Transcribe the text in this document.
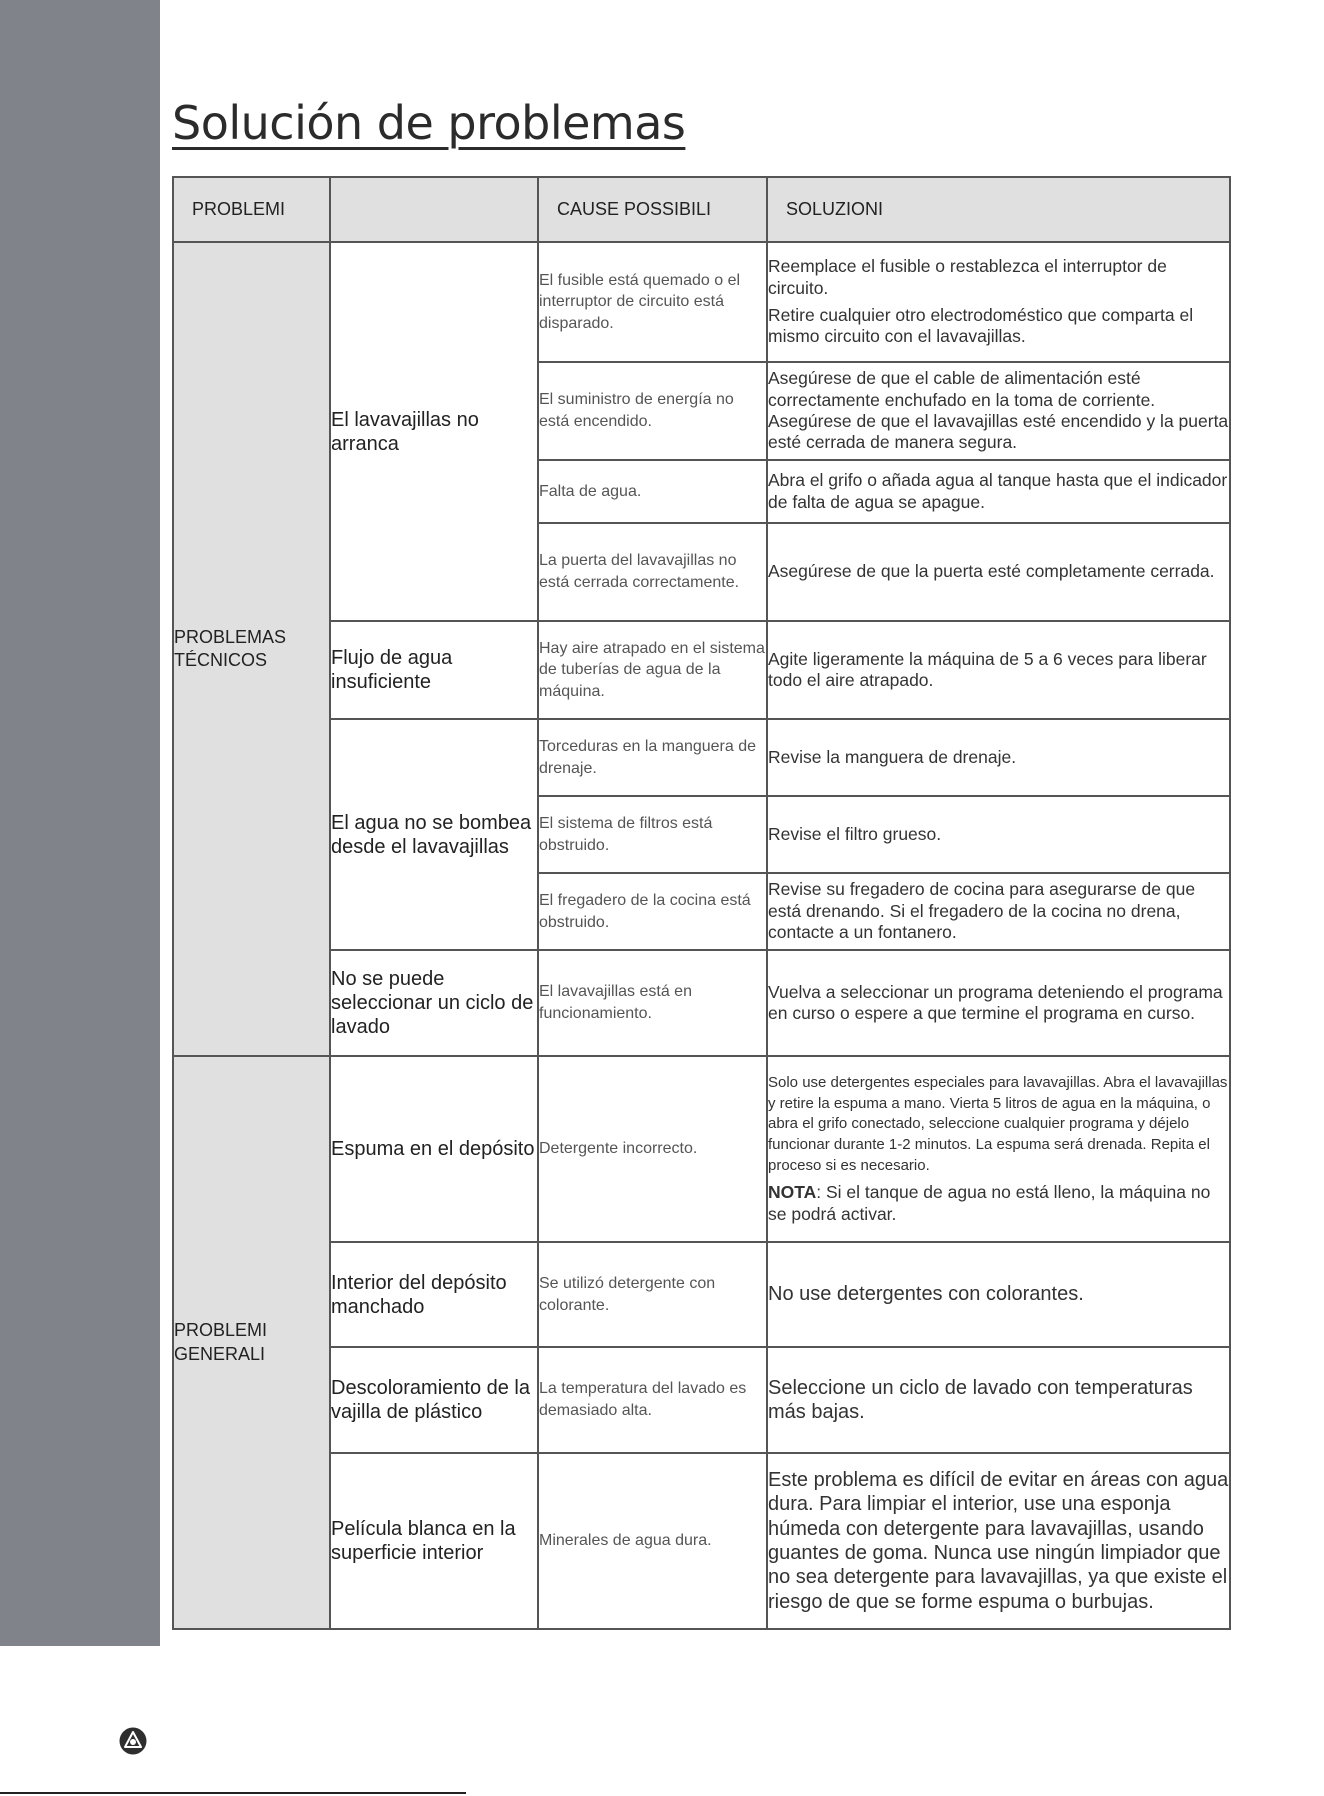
Solución de problemas
PROBLEMI		CAUSE POSSIBILI	SOLUZIONI
PROBLEMAS TÉCNICOS	El lavavajillas no arranca	El fusible está quemado o el interruptor de circuito está disparado.	Reemplace el fusible o restablezca el interruptor de circuito.

Retire cualquier otro electrodoméstico que comparta el mismo circuito con el lavavajillas.

		El suministro de energía no está encendido.	Asegúrese de que el cable de alimentación esté correctamente enchufado en la toma de corriente. Asegúrese de que el lavavajillas esté encendido y la puerta esté cerrada de manera segura.

		Falta de agua.	Abra el grifo o añada agua al tanque hasta que el indicador de falta de agua se apague.

		La puerta del lavavajillas no está cerrada correctamente.	Asegúrese de que la puerta esté completamente cerrada.

	Flujo de agua insuficiente	Hay aire atrapado en el sistema de tuberías de agua de la máquina.	Agite ligeramente la máquina de 5 a 6 veces para liberar todo el aire atrapado.

	El agua no se bombea desde el lavavajillas	Torceduras en la manguera de drenaje.	Revise la manguera de drenaje.

		El sistema de filtros está obstruido.	Revise el filtro grueso.

		El fregadero de la cocina está obstruido.	Revise su fregadero de cocina para asegurarse de que está drenando. Si el fregadero de la cocina no drena, contacte a un fontanero.

	No se puede seleccionar un ciclo de lavado	El lavavajillas está en funcionamiento.	Vuelva a seleccionar un programa deteniendo el programa en curso o espere a que termine el programa en curso.

PROBLEMI GENERALI	Espuma en el depósito	Detergente incorrecto.	Solo use detergentes especiales para lavavajillas. Abra el lavavajillas y retire la espuma a mano. Vierta 5 litros de agua en la máquina, o abra el grifo conectado, seleccione cualquier programa y déjelo funcionar durante 1-2 minutos. La espuma será drenada. Repita el proceso si es necesario.

NOTA: Si el tanque de agua no está lleno, la máquina no se podrá activar.

	Interior del depósito manchado	Se utilizó detergente con colorante.	No use detergentes con colorantes.

	Descoloramiento de la vajilla de plástico	La temperatura del lavado es demasiado alta.	Seleccione un ciclo de lavado con temperaturas más bajas.

	Película blanca en la superficie interior	Minerales de agua dura.	Este problema es difícil de evitar en áreas con agua dura. Para limpiar el interior, use una esponja húmeda con detergente para lavavajillas, usando guantes de goma. Nunca use ningún limpiador que no sea detergente para lavavajillas, ya que existe el riesgo de que se forme espuma o burbujas.
